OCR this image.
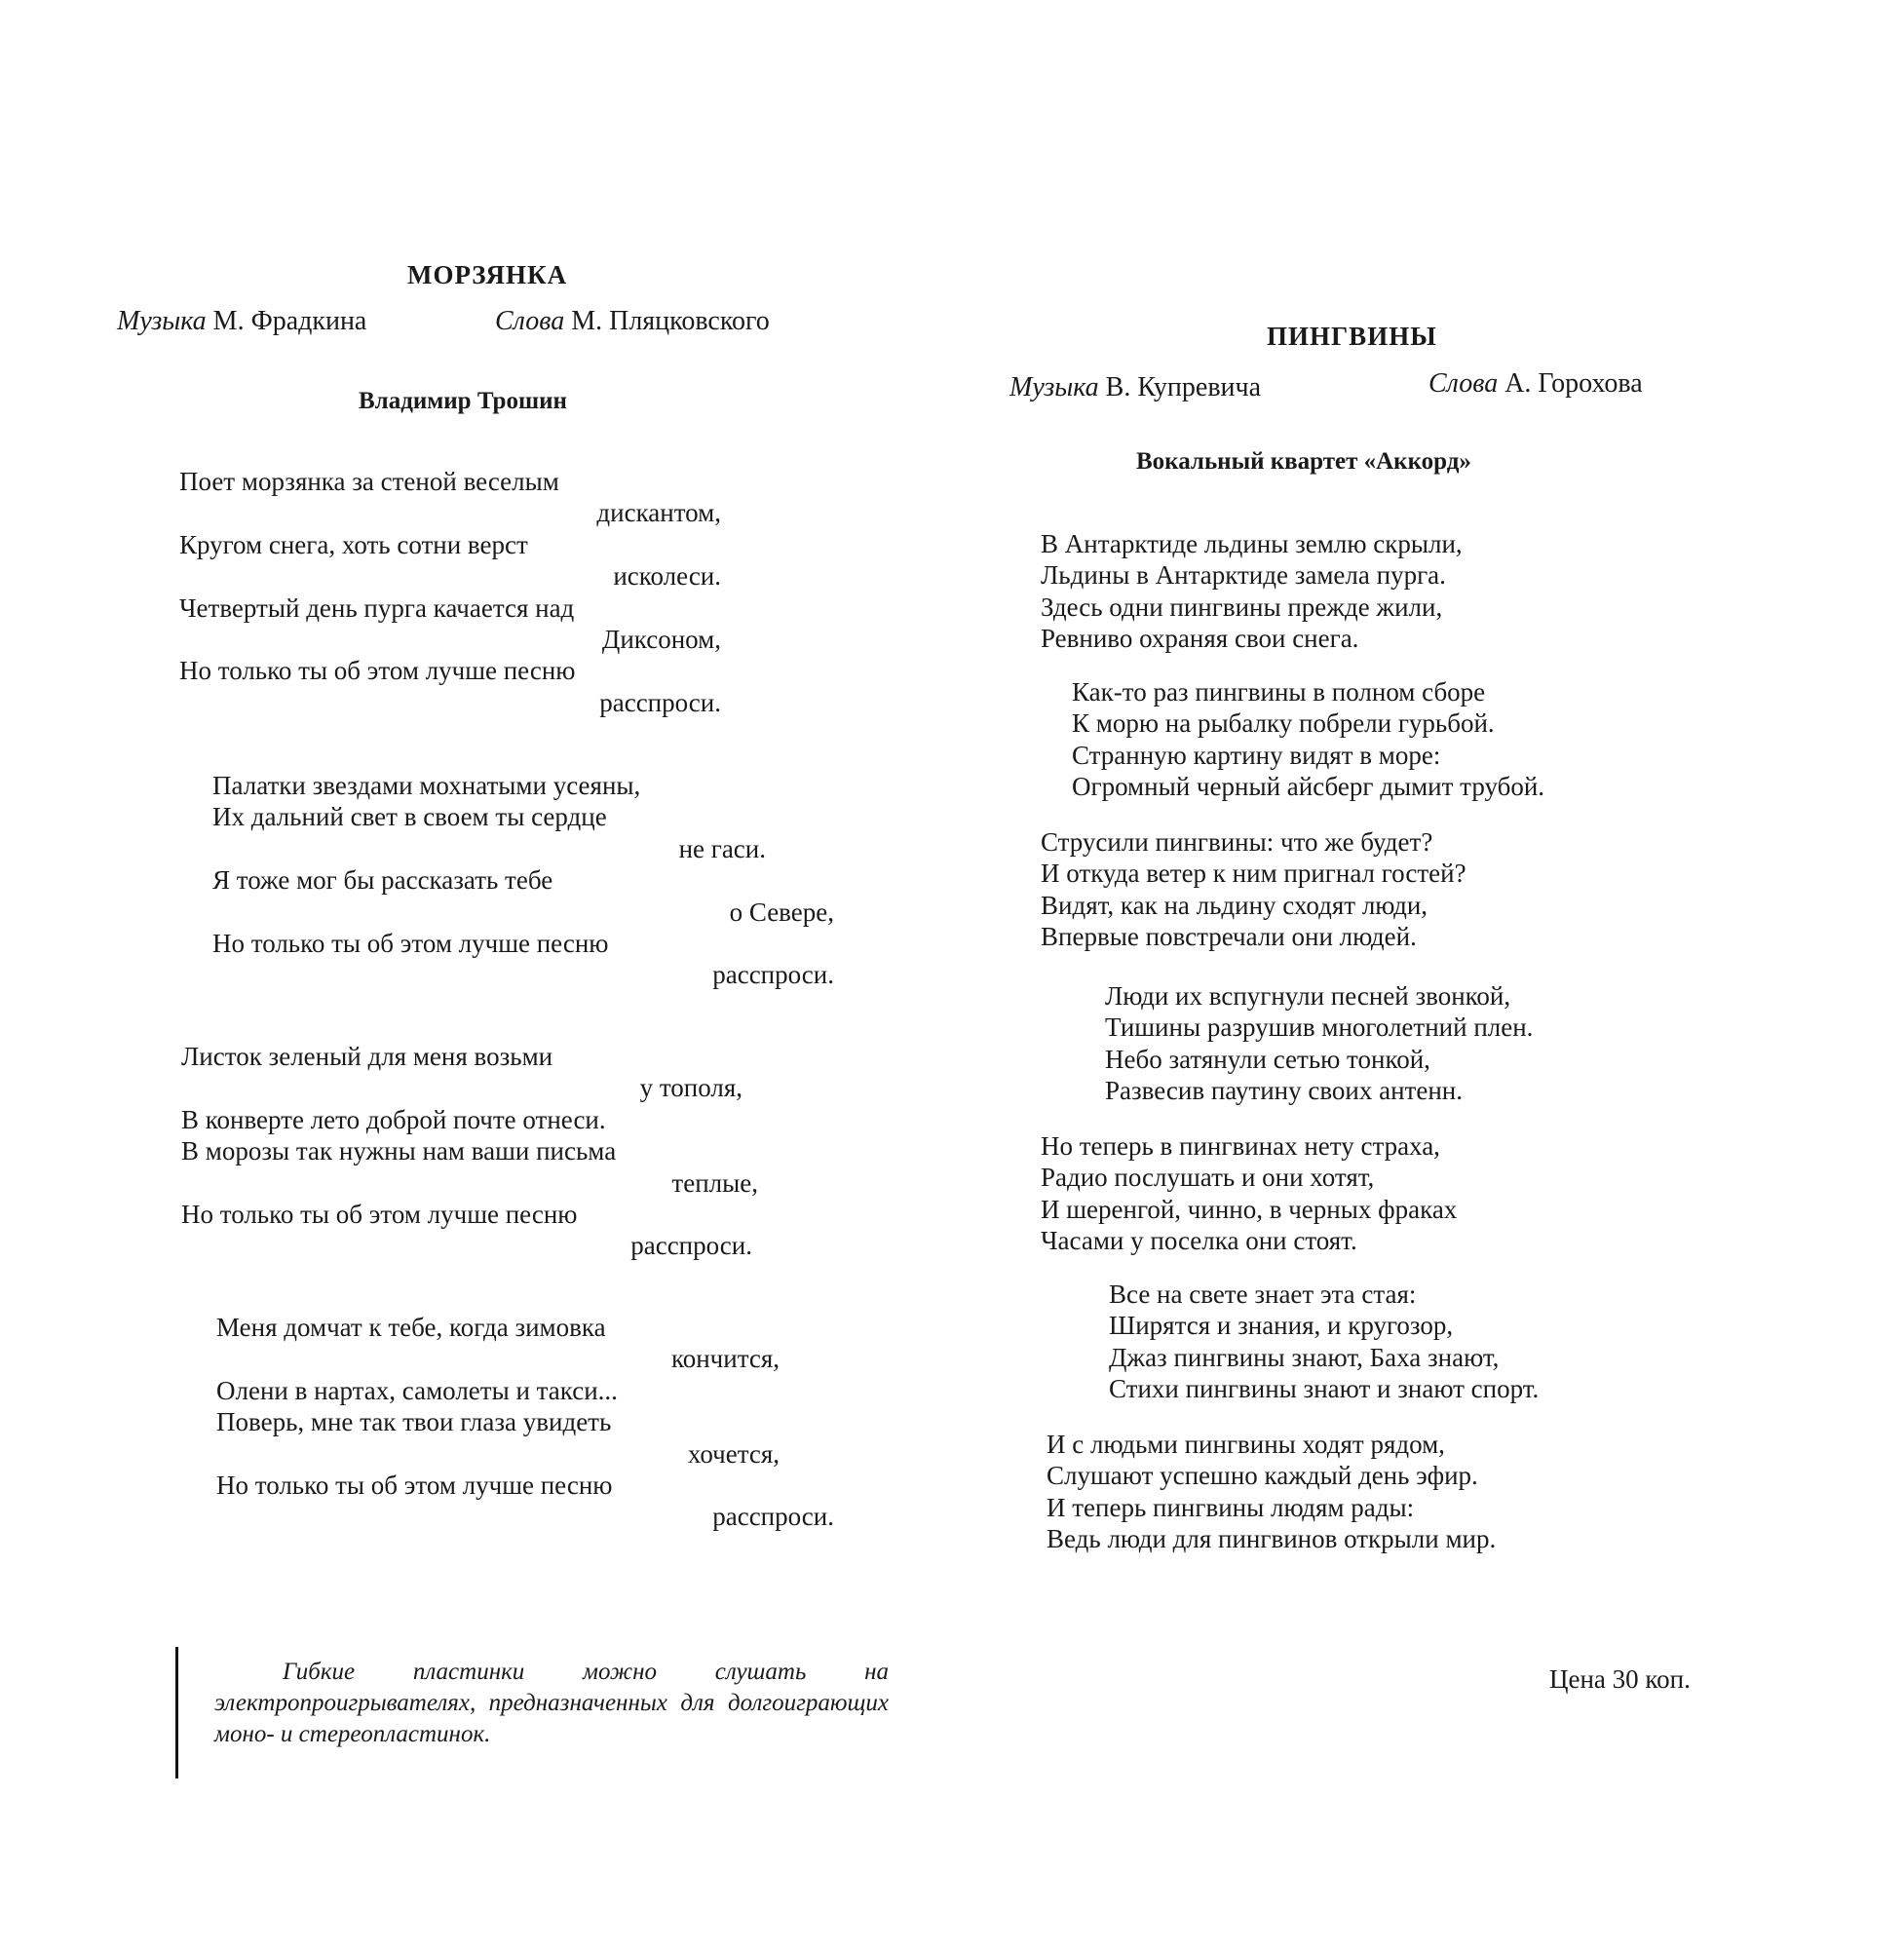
МОРЗЯНКА
Музыка М. Фрадкина	Слова М. Пляцковского
Владимир Трошин
Поет морзянка за стеной веселым
дискантом,
Кругом снега, хоть сотни верст
исколеси.
Четвертый день пурга качается над
Диксоном,
Но только ты об этом лучше песню
расспроси.
Палатки звездами мохнатыми усеяны,
Их дальний свет в своем ты сердце
не гаси.
Я тоже мог бы рассказать тебе
о Севере,
Но только ты об этом лучше песню
расспроси.
Листок зеленый для меня возьми
у тополя,
В конверте лето доброй почте отнеси.
В морозы так нужны нам ваши письма
теплые,
Но только ты об этом лучше песню
расспроси.
Меня домчат к тебе, когда зимовка
кончится,
Олени в нартах, самолеты и такси...
Поверь, мне так твои глаза увидеть
хочется,
Но только ты об этом лучше песню
расспроси.
ПИНГВИНЫ
Музыка В. Купревича	Слова А. Горохова
Вокальный квартет «Аккорд»
В Антарктиде льдины землю скрыли,
Льдины в Антарктиде замела пурга.
Здесь одни пингвины прежде жили,
Ревниво охраняя свои снега.
Как-то раз пингвины в полном сборе
К морю на рыбалку побрели гурьбой.
Странную картину видят в море:
Огромный черный айсберг дымит трубой.
Струсили пингвины: что же будет?
И откуда ветер к ним пригнал гостей?
Видят, как на льдину сходят люди,
Впервые повстречали они людей.
Люди их вспугнули песней звонкой,
Тишины разрушив многолетний плен.
Небо затянули сетью тонкой,
Развесив паутину своих антенн.
Но теперь в пингвинах нету страха,
Радио послушать и они хотят,
И шеренгой, чинно, в черных фраках
Часами у поселка они стоят.
Все на свете знает эта стая:
Ширятся и знания, и кругозор,
Джаз пингвины знают, Баха знают,
Стихи пингвины знают и знают спорт.
И с людьми пингвины ходят рядом,
Слушают успешно каждый день эфир.
И теперь пингвины людям рады:
Ведь люди для пингвинов открыли мир.
Гибкие пластинки можно слушать на электропроигрывателях, предназначенных для долгоиграющих моно- и стереопластинок.
Цена 30 коп.
